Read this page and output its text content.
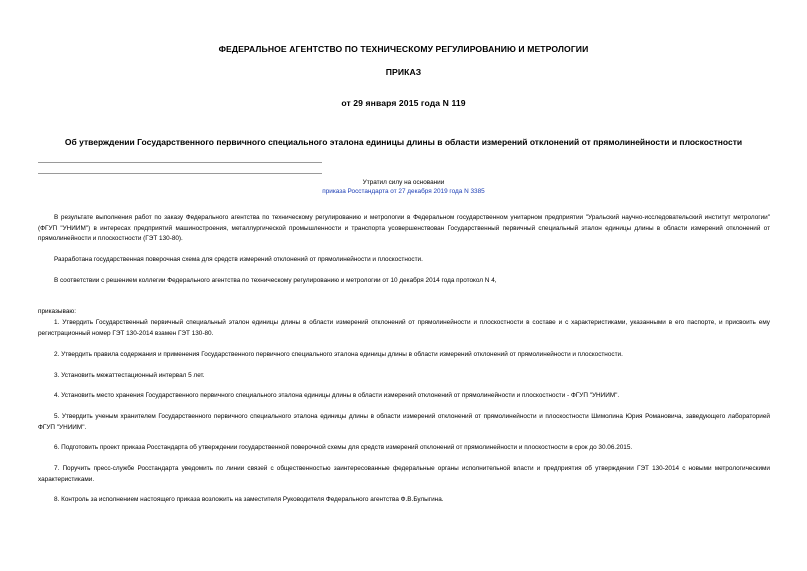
ФЕДЕРАЛЬНОЕ АГЕНТСТВО ПО ТЕХНИЧЕСКОМУ РЕГУЛИРОВАНИЮ И МЕТРОЛОГИИ
ПРИКАЗ
от 29 января 2015 года N 119
Об утверждении Государственного первичного специального эталона единицы длины в области измерений отклонений от прямолинейности и плоскостности
Утратил силу на основании
приказа Росстандарта от 27 декабря 2019 года N 3385

В результате выполнения работ по заказу Федерального агентства по техническому регулированию и метрологии в Федеральном государственном унитарном предприятии "Уральский научно-исследовательский институт метрологии" (ФГУП "УНИИМ") в интересах предприятий машиностроения, металлургической промышленности и транспорта усовершенствован Государственный первичный специальный эталон единицы длины в области измерений отклонений от прямолинейности и плоскостности (ГЭТ 130-80).

Разработана государственная поверочная схема для средств измерений отклонений от прямолинейности и плоскостности.

В соответствии с решением коллегии Федерального агентства по техническому регулированию и метрологии от 10 декабря 2014 года протокол N 4,

приказываю:

1. Утвердить Государственный первичный специальный эталон единицы длины в области измерений отклонений от прямолинейности и плоскостности в составе и с характеристиками, указанными в его паспорте, и присвоить ему регистрационный номер ГЭТ 130-2014 взамен ГЭТ 130-80.

2. Утвердить правила содержания и применения Государственного первичного специального эталона единицы длины в области измерений отклонений от прямолинейности и плоскостности.

3. Установить межаттестационный интервал 5 лет.

4. Установить место хранения Государственного первичного специального эталона единицы длины в области измерений отклонений от прямолинейности и плоскостности - ФГУП "УНИИМ".

5. Утвердить ученым хранителем Государственного первичного специального эталона единицы длины в области измерений отклонений от прямолинейности и плоскостности Шимолина Юрия Романовича, заведующего лабораторией ФГУП "УНИИМ".

6. Подготовить проект приказа Росстандарта об утверждении государственной поверочной схемы для средств измерений отклонений от прямолинейности и плоскостности в срок до 30.06.2015.

7. Поручить пресс-службе Росстандарта уведомить по линии связей с общественностью заинтересованные федеральные органы исполнительной власти и предприятия об утверждении ГЭТ 130-2014 с новыми метрологическими характеристиками.

8. Контроль за исполнением настоящего приказа возложить на заместителя Руководителя Федерального агентства Ф.В.Булыгина.
